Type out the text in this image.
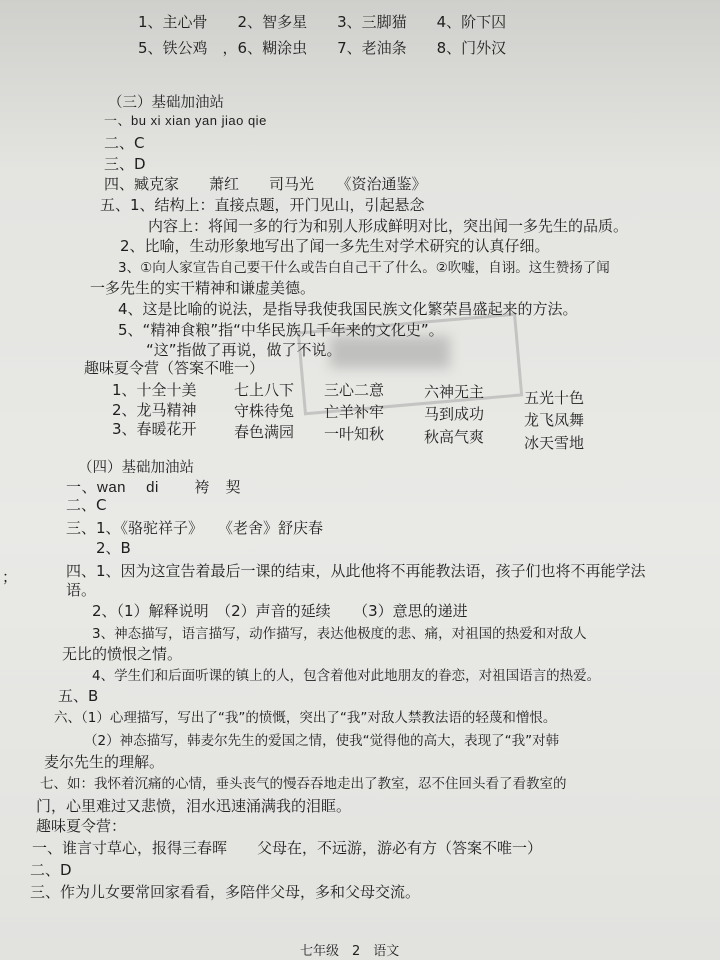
1、主心骨　　2、智多星　　3、三脚猫　　4、阶下囚
5、铁公鸡　，6、糊涂虫　　7、老油条　　8、门外汉
（三）基础加油站
一、bu xi xian yan jiao qie
二、C
三、D
四、臧克家　　萧红　　司马光　　《资治通鉴》
五、1、结构上：直接点题，开门见山，引起悬念
内容上：将闻一多的行为和别人形成鲜明对比，突出闻一多先生的品质。
2、比喻，生动形象地写出了闻一多先生对学术研究的认真仔细。
3、①向人家宣告自己要干什么或告白自己干了什么。②吹嘘，自诩。这生赞扬了闻
一多先生的实干精神和谦虚美德。
4、这是比喻的说法，是指导我使我国民族文化繁荣昌盛起来的方法。
5、“精神食粮”指“中华民族几千年来的文化史”。
“这”指做了再说，做了不说。
趣味夏令营（答案不唯一）
1、十全十美 七上八下 三心二意	六神无主	五光十色
2、龙马精神 守株待兔 亡羊补牢	马到成功	龙飞凤舞
3、春暖花开 春色满园 一叶知秋	秋高气爽	冰天雪地
（四）基础加油站
一、wan　 di　　 袴　契
二、C
三、1、《骆驼祥子》　　《老舍》舒庆春
2、B
四、1、因为这宣告着最后一课的结束，从此他将不再能教法语，孩子们也将不再能学法
语。
2、（1）解释说明　（2）声音的延续　　（3）意思的递进
3、神态描写，语言描写，动作描写，表达他极度的悲、痛，对祖国的热爱和对敌人
无比的愤恨之情。
4、学生们和后面听课的镇上的人，包含着他对此地朋友的眷恋，对祖国语言的热爱。
五、B
六、（1）心理描写，写出了“我”的愤慨，突出了“我”对敌人禁教法语的轻蔑和憎恨。
（2）神态描写，韩麦尔先生的爱国之情，使我“觉得他的高大，表现了“我”对韩
麦尔先生的理解。
七、如：我怀着沉痛的心情，垂头丧气的慢吞吞地走出了教室，忍不住回头看了看教室的
门，心里难过又悲愤，泪水迅速涌满我的泪眶。
趣味夏令营：
一、谁言寸草心，报得三春晖　　父母在，不远游，游必有方（答案不唯一）
二、D
三、作为儿女要常回家看看，多陪伴父母，多和父母交流。
；
七年级　2　语文
